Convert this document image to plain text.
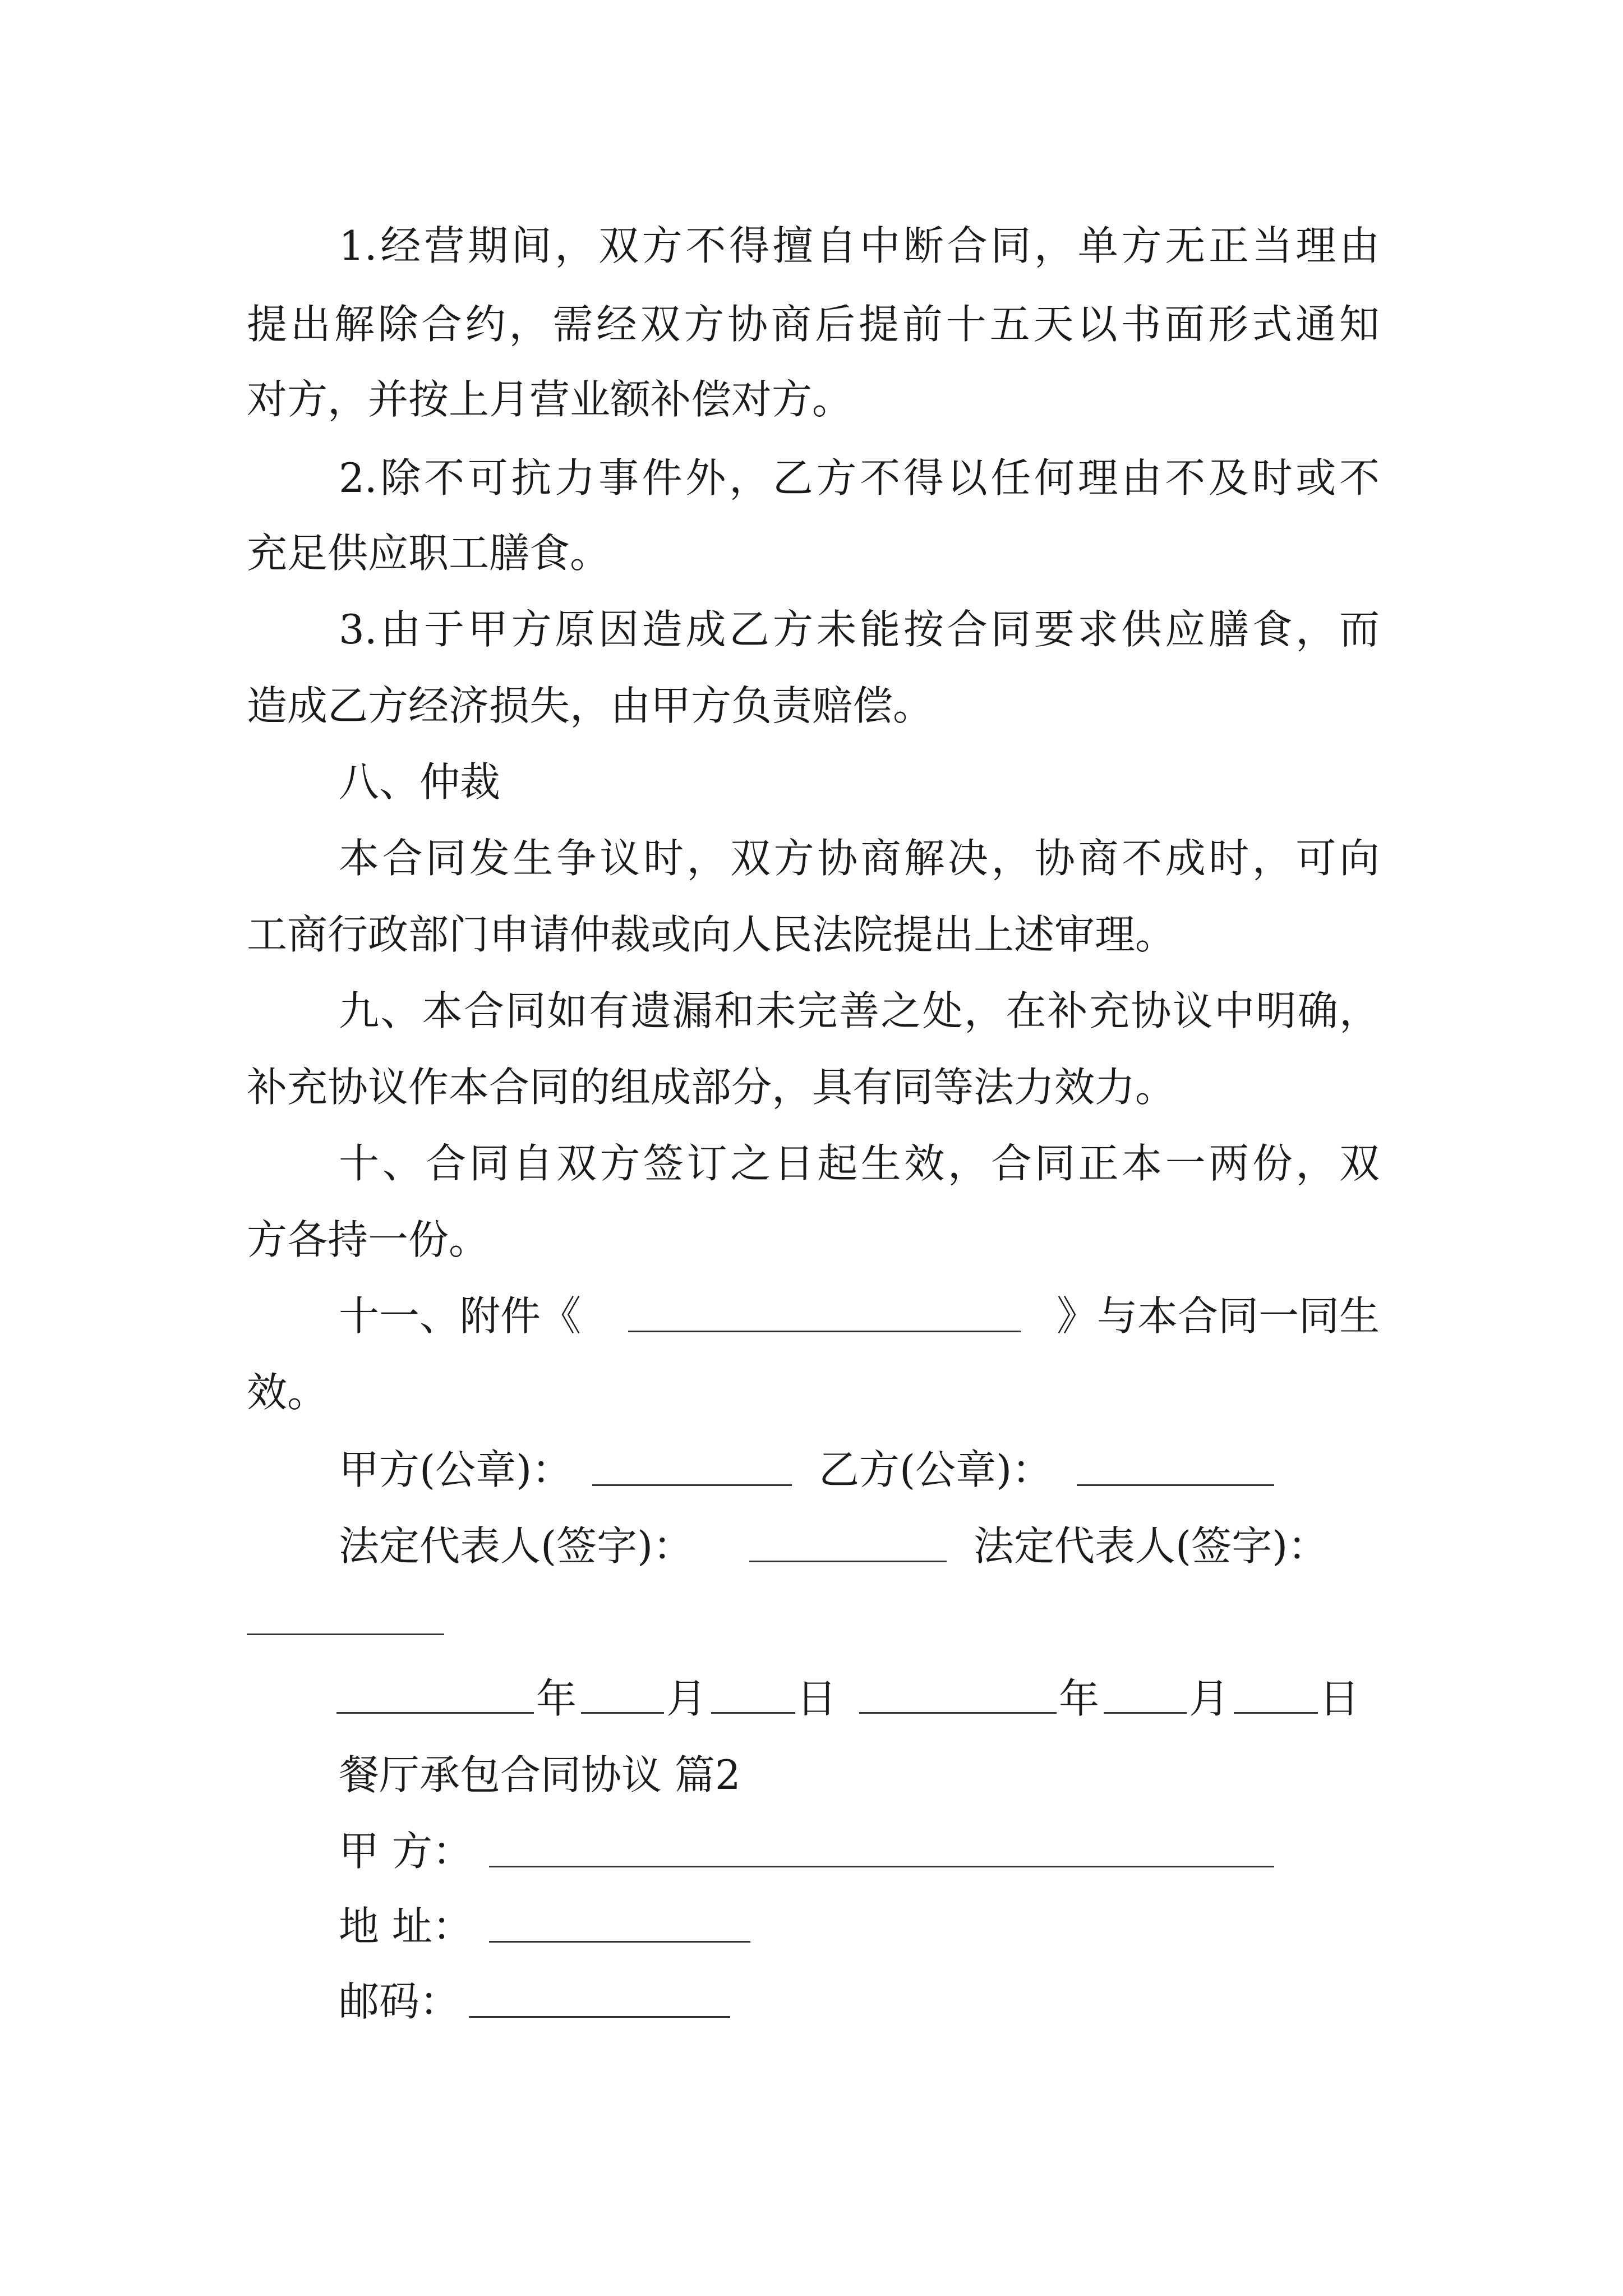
1.经营期间，双方不得擅自中断合同，单方无正当理由
提出解除合约，需经双方协商后提前十五天以书面形式通知
对方，并按上月营业额补偿对方。
2.除不可抗力事件外，乙方不得以任何理由不及时或不
充足供应职工膳食。
3.由于甲方原因造成乙方未能按合同要求供应膳食，而
造成乙方经济损失，由甲方负责赔偿。
八、仲裁
本合同发生争议时，双方协商解决，协商不成时，可向
工商行政部门申请仲裁或向人民法院提出上述审理。
九、本合同如有遗漏和未完善之处，在补充协议中明确，
补充协议作本合同的组成部分，具有同等法力效力。
十、合同自双方签订之日起生效，合同正本一两份，双
方各持一份。
十一、附件《	》与本合同一同生
效。
甲方(公章)：	乙方(公章)：
法定代表人(签字)：	法定代表人(签字)：
年 月 日	年 月 日
餐厅承包合同协议 篇2
甲 方：
地 址：
邮码：
